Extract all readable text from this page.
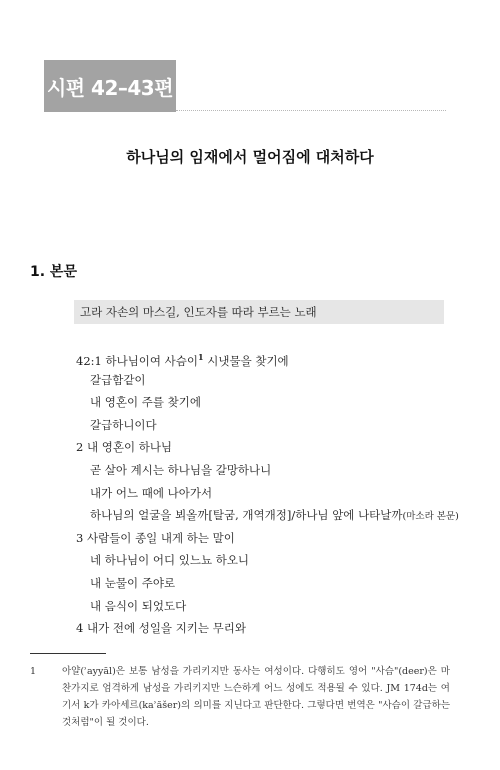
시편 42–43편
하나님의 임재에서 멀어짐에 대처하다
1. 본문
고라 자손의 마스길, 인도자를 따라 부르는 노래
42:1 하나님이여 사슴이$^1$ 시냇물을 찾기에
갈급함같이
내 영혼이 주를 찾기에
갈급하니이다
2 내 영혼이 하나님
곧 살아 계시는 하나님을 갈망하나니
내가 어느 때에 나아가서
하나님의 얼굴을 뵈올까[탈굼, 개역개정]/하나님 앞에 나타날까(마소라 본문)
3 사람들이 종일 내게 하는 말이
네 하나님이 어디 있느뇨 하오니
내 눈물이 주야로
내 음식이 되었도다
4 내가 전에 성일을 지키는 무리와
1	아얄(ʾayyāl)은 보통 남성을 가리키지만 동사는 여성이다. 다행히도 영어 "사슴"(deer)은 마찬가지로 엄격하게 남성을 가리키지만 느슨하게 어느 성에도 적용될 수 있다. JM 174d는 여기서 k가 카아세르(kaʾăšer)의 의미를 지닌다고 판단한다. 그렇다면 번역은 "사슴이 갈급하는 것처럼"이 될 것이다.
